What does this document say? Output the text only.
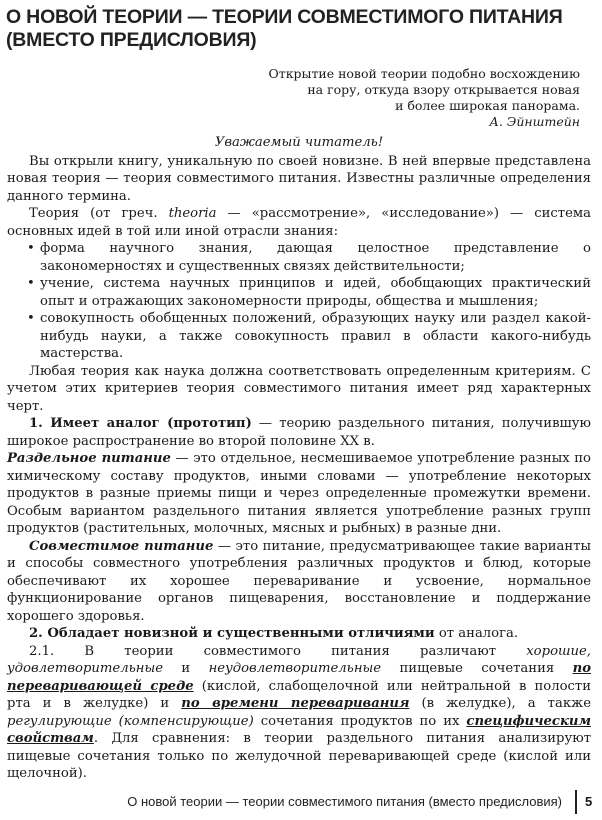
О НОВОЙ ТЕОРИИ — ТЕОРИИ СОВМЕСТИМОГО ПИТАНИЯ (ВМЕСТО ПРЕДИСЛОВИЯ)
Открытие новой теории подобно восхождению
на гору, откуда взору открывается новая
и более широкая панорама.
А. Эйнштейн

Уважаемый читатель!

Вы открыли книгу, уникальную по своей новизне. В ней впервые представлена новая теория — теория совместимого питания. Известны различные определения данного термина.

Теория (от греч. theoria — «рассмотрение», «исследование») — система основных идей в той или иной отрасли знания:

• форма научного знания, дающая целостное представление о закономерностях и существенных связях действительности;
• учение, система научных принципов и идей, обобщающих практический опыт и отражающих закономерности природы, общества и мышления;
• совокупность обобщенных положений, образующих науку или раздел какой-нибудь науки, а также совокупность правил в области какого-нибудь мастерства.

Любая теория как наука должна соответствовать определенным критериям. С учетом этих критериев теория совместимого питания имеет ряд характерных черт.

1. Имеет аналог (прототип) — теорию раздельного питания, получившую широкое распространение во второй половине XX в.

Раздельное питание — это отдельное, несмешиваемое употребление разных по химическому составу продуктов, иными словами — употребление некоторых продуктов в разные приемы пищи и через определенные промежутки времени. Особым вариантом раздельного питания является употребление разных групп продуктов (растительных, молочных, мясных и рыбных) в разные дни.

Совместимое питание — это питание, предусматривающее такие варианты и способы совместного употребления различных продуктов и блюд, которые обеспечивают их хорошее переваривание и усвоение, нормальное функционирование органов пищеварения, восстановление и поддержание хорошего здоровья.

2. Обладает новизной и существенными отличиями от аналога.

2.1. В теории совместимого питания различают хорошие, удовлетворительные и неудовлетворительные пищевые сочетания по переваривающей среде (кислой, слабощелочной или нейтральной в полости рта и в желудке) и по времени переваривания (в желудке), а также регулирующие (компенсирующие) сочетания продуктов по их специфическим свойствам. Для сравнения: в теории раздельного питания анализируют пищевые сочетания только по желудочной переваривающей среде (кислой или щелочной).

О новой теории — теории совместимого питания (вместо предисловия) 5
